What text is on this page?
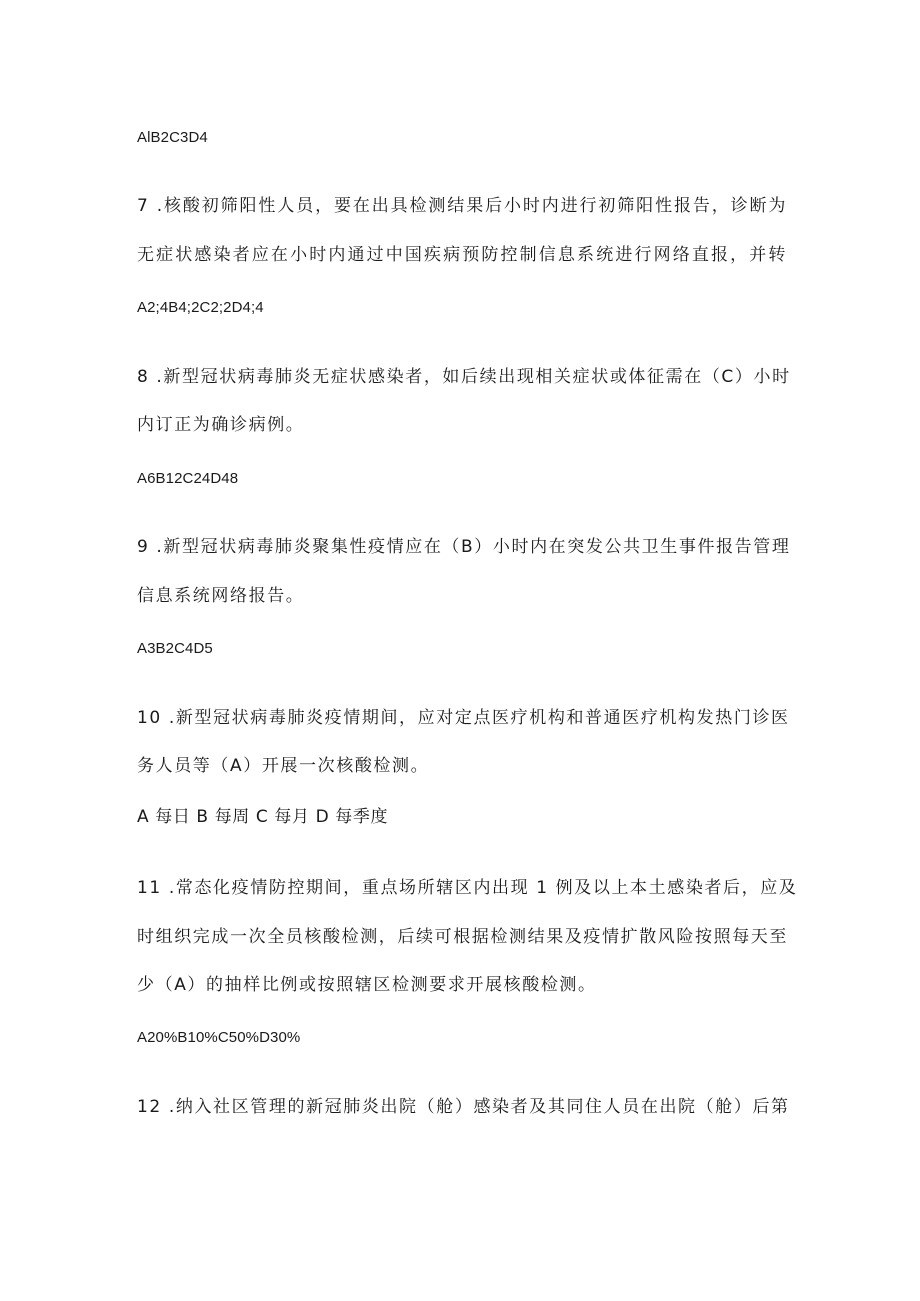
AlB2C3D4
7 .核酸初筛阳性人员，要在出具检测结果后小时内进行初筛阳性报告，诊断为
无症状感染者应在小时内通过中国疾病预防控制信息系统进行网络直报，并转
A2;4B4;2C2;2D4;4
8 .新型冠状病毒肺炎无症状感染者，如后续出现相关症状或体征需在（C）小时
内订正为确诊病例。
A6B12C24D48
9 .新型冠状病毒肺炎聚集性疫情应在（B）小时内在突发公共卫生事件报告管理
信息系统网络报告。
A3B2C4D5
10 .新型冠状病毒肺炎疫情期间，应对定点医疗机构和普通医疗机构发热门诊医
务人员等（A）开展一次核酸检测。
A 每日 B 每周 C 每月 D 每季度
11 .常态化疫情防控期间，重点场所辖区内出现 1 例及以上本土感染者后，应及
时组织完成一次全员核酸检测，后续可根据检测结果及疫情扩散风险按照每天至
少（A）的抽样比例或按照辖区检测要求开展核酸检测。
A20%B10%C50%D30%
12 .纳入社区管理的新冠肺炎出院（舱）感染者及其同住人员在出院（舱）后第
